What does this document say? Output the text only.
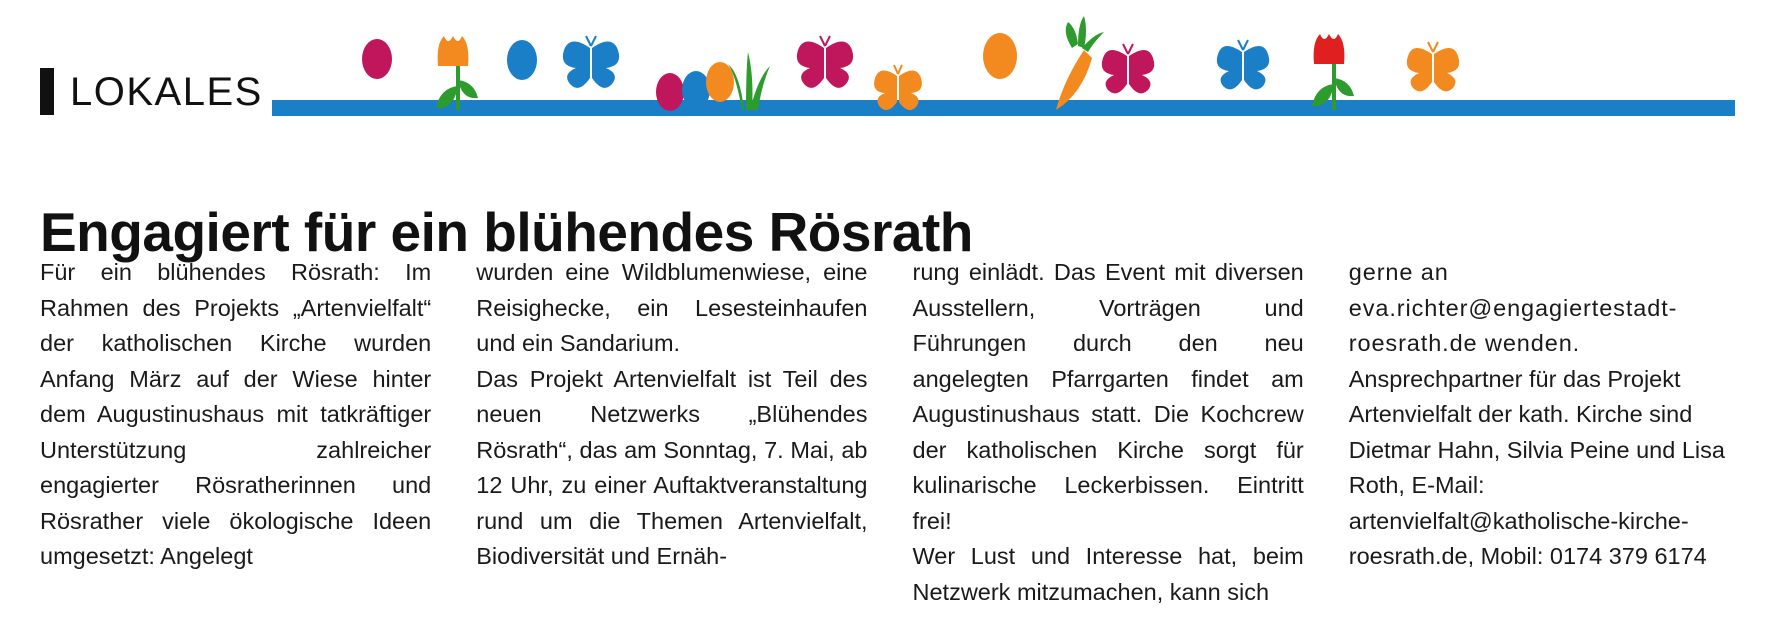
LOKALES
Engagiert für ein blühendes Rösrath

Für ein blühendes Rösrath: Im Rahmen des Projekts „Artenvielfalt“ der katholischen Kirche wurden Anfang März auf der Wiese hinter dem Augustinushaus mit tatkräftiger Unterstützung zahlreicher engagierter Rösratherinnen und Rösrather viele ökologische Ideen umgesetzt: Angelegt

wurden eine Wildblumenwiese, eine Reisighecke, ein Lesesteinhaufen und ein Sandarium.

Das Projekt Artenvielfalt ist Teil des neuen Netzwerks „Blühendes Rösrath“, das am Sonntag, 7. Mai, ab 12 Uhr, zu einer Auftaktveranstaltung rund um die Themen Artenvielfalt, Biodiversität und Ernäh-

rung einlädt. Das Event mit diversen Ausstellern, Vorträgen und Führungen durch den neu angelegten Pfarrgarten findet am Augustinushaus statt. Die Kochcrew der katholischen Kirche sorgt für kulinarische Leckerbissen. Eintritt frei!

Wer Lust und Interesse hat, beim Netzwerk mitzumachen, kann sich

gerne an eva.richter@engagiertestadt-roesrath.de wenden.

Ansprechpartner für das Projekt Artenvielfalt der kath. Kirche sind Dietmar Hahn, Silvia Peine und Lisa Roth, E-Mail: artenvielfalt@katholische-kirche-roesrath.de, Mobil: 0174 379 6174
